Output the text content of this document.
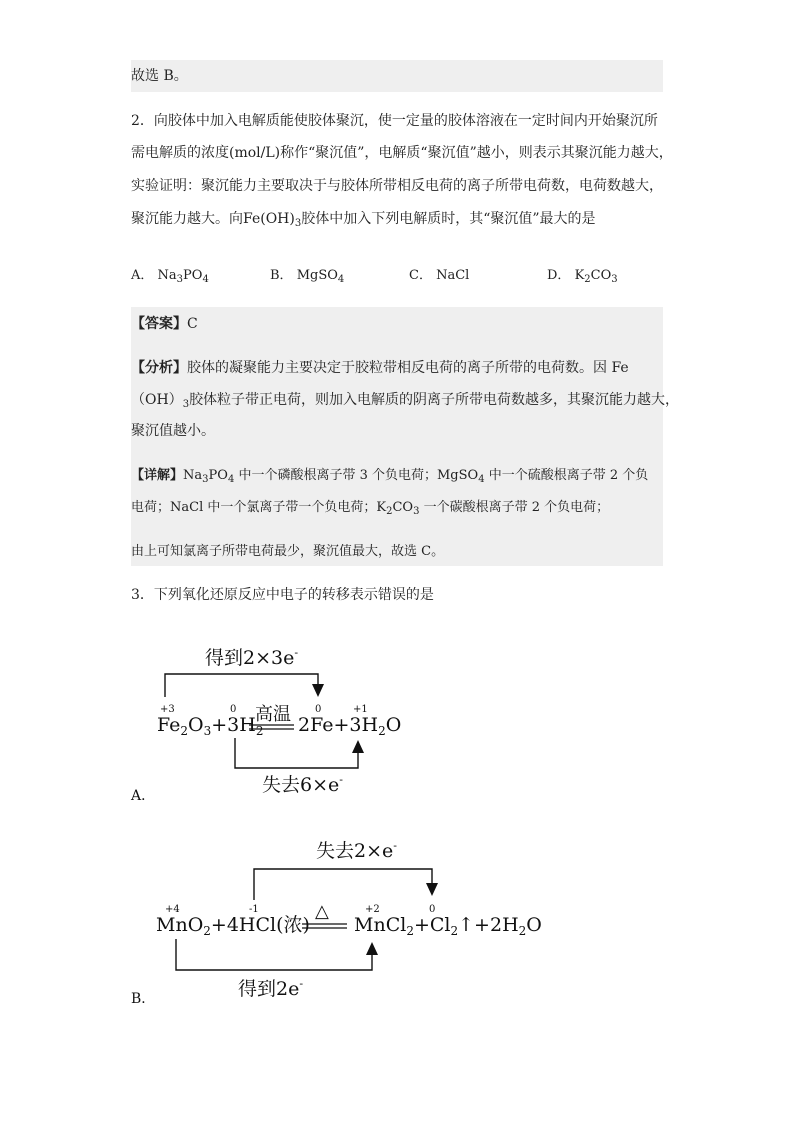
故选 B。
2．向胶体中加入电解质能使胶体聚沉，使一定量的胶体溶液在一定时间内开始聚沉所
需电解质的浓度(mol/L)称作“聚沉值”，电解质“聚沉值”越小，则表示其聚沉能力越大，
实验证明：聚沉能力主要取决于与胶体所带相反电荷的离子所带电荷数，电荷数越大，
聚沉能力越大。向$Fe(OH)_3$胶体中加入下列电解质时，其“聚沉值”最大的是
A． $Na_3PO_4$	B． MgSO$_4$	C． NaCl	D． $K_2CO_3$
【答案】C
【分析】胶体的凝聚能力主要决定于胶粒带相反电荷的离子所带的电荷数。因 Fe
$(OH)_3$胶体粒子带正电荷，则加入电解质的阴离子所带电荷数越多，其聚沉能力越大，
聚沉值越小。
【详解】$Na_3PO_4$ 中一个磷酸根离子带 3 个负电荷；MgSO$_4$ 中一个硫酸根离子带 2 个负
电荷；NaCl 中一个氯离子带一个负电荷；$K_2CO_3$ 一个碳酸根离子带 2 个负电荷；
由上可知氯离子所带电荷最少，聚沉值最大，故选 C。
3．下列氧化还原反应中电子的转移表示错误的是
得到2×3e-
+3	0	0	+1
高温
$Fe_2O_3+3H_2$ $2Fe+3H_2O$
失去6×e-
A．
失去2×e-
+4	-1	+2	0
△
MnO$_2$+4HCl(浓) $MnCl_2+Cl_2↑+2H_2O$
得到2e-
B．
